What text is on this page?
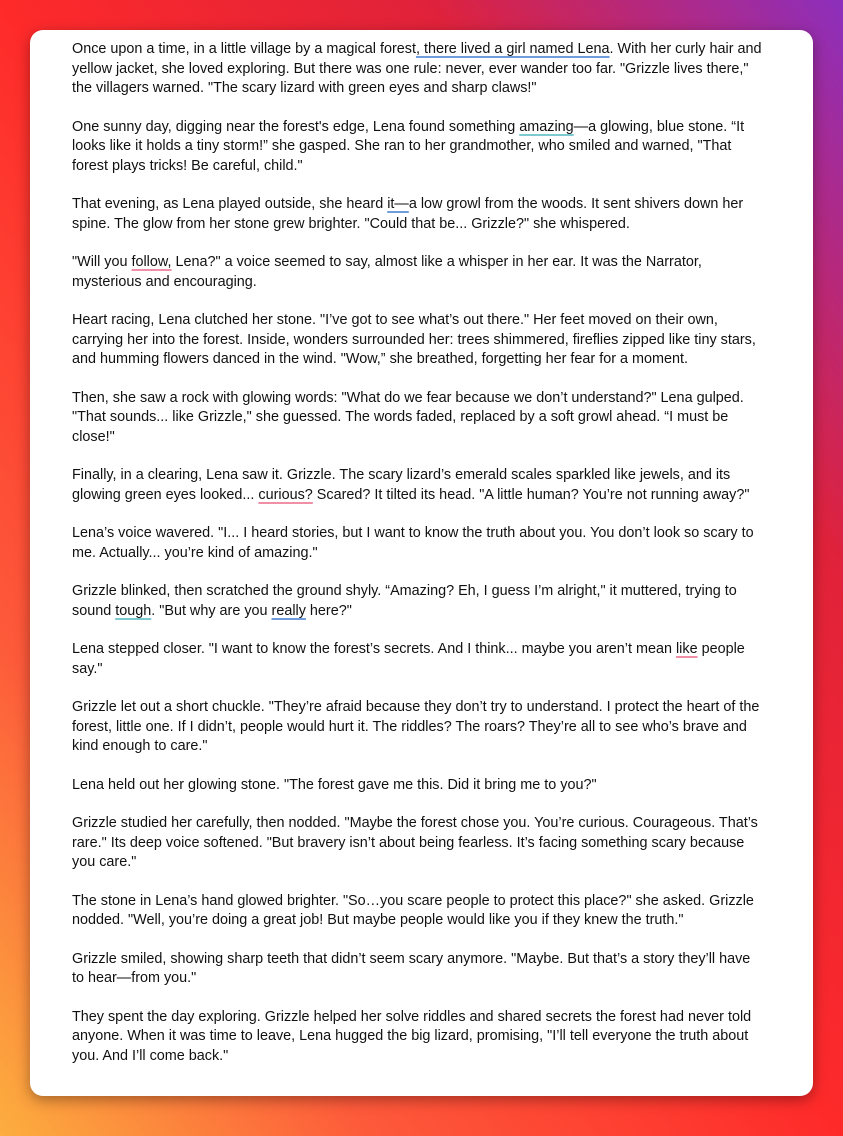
Once upon a time, in a little village by a magical forest, there lived a girl named Lena. With her curly hair and yellow jacket, she loved exploring. But there was one rule: never, ever wander too far. "Grizzle lives there," the villagers warned. "The scary lizard with green eyes and sharp claws!"

One sunny day, digging near the forest's edge, Lena found something amazing—a glowing, blue stone. “It looks like it holds a tiny storm!” she gasped. She ran to her grandmother, who smiled and warned, "That forest plays tricks! Be careful, child."

That evening, as Lena played outside, she heard it—a low growl from the woods. It sent shivers down her spine. The glow from her stone grew brighter. "Could that be... Grizzle?" she whispered.

"Will you follow, Lena?" a voice seemed to say, almost like a whisper in her ear. It was the Narrator, mysterious and encouraging.

Heart racing, Lena clutched her stone. "I’ve got to see what’s out there." Her feet moved on their own, carrying her into the forest. Inside, wonders surrounded her: trees shimmered, fireflies zipped like tiny stars, and humming flowers danced in the wind. "Wow,” she breathed, forgetting her fear for a moment.

Then, she saw a rock with glowing words: "What do we fear because we don’t understand?" Lena gulped. "That sounds... like Grizzle," she guessed. The words faded, replaced by a soft growl ahead. “I must be close!"

Finally, in a clearing, Lena saw it. Grizzle. The scary lizard’s emerald scales sparkled like jewels, and its glowing green eyes looked... curious? Scared? It tilted its head. "A little human? You’re not running away?"

Lena’s voice wavered. "I... I heard stories, but I want to know the truth about you. You don’t look so scary to me. Actually... you’re kind of amazing."

Grizzle blinked, then scratched the ground shyly. “Amazing? Eh, I guess I’m alright," it muttered, trying to sound tough. "But why are you really here?"

Lena stepped closer. "I want to know the forest’s secrets. And I think... maybe you aren’t mean like people say."

Grizzle let out a short chuckle. "They’re afraid because they don’t try to understand. I protect the heart of the forest, little one. If I didn’t, people would hurt it. The riddles? The roars? They’re all to see who’s brave and kind enough to care."

Lena held out her glowing stone. "The forest gave me this. Did it bring me to you?"

Grizzle studied her carefully, then nodded. "Maybe the forest chose you. You’re curious. Courageous. That’s rare." Its deep voice softened. "But bravery isn’t about being fearless. It’s facing something scary because you care."

The stone in Lena’s hand glowed brighter. "So…you scare people to protect this place?" she asked. Grizzle nodded. "Well, you’re doing a great job! But maybe people would like you if they knew the truth."

Grizzle smiled, showing sharp teeth that didn’t seem scary anymore. "Maybe. But that’s a story they’ll have to hear—from you."

They spent the day exploring. Grizzle helped her solve riddles and shared secrets the forest had never told anyone. When it was time to leave, Lena hugged the big lizard, promising, "I’ll tell everyone the truth about you. And I’ll come back."
